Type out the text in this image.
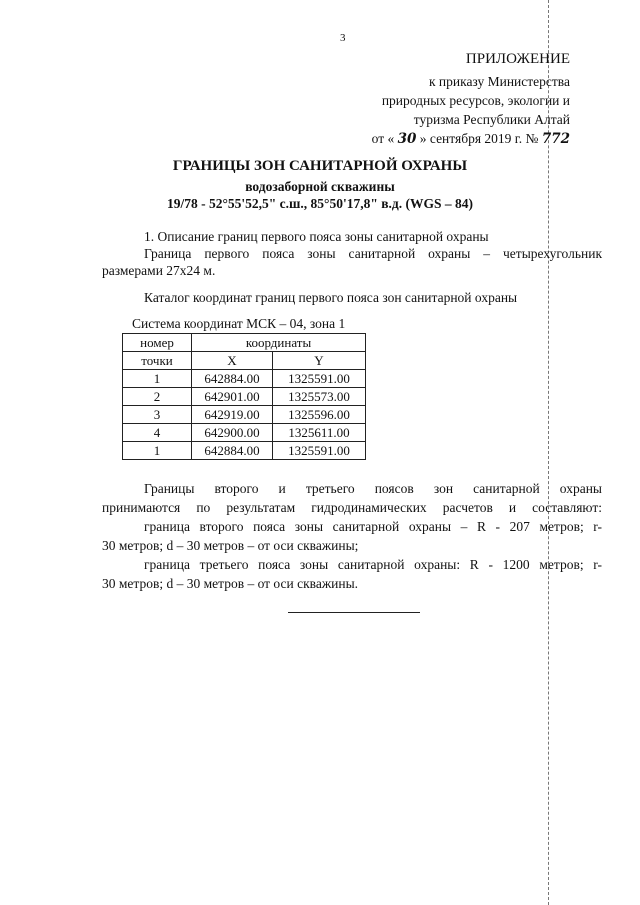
3
ПРИЛОЖЕНИЕ
к приказу Министерства
природных ресурсов, экологии и
туризма Республики Алтай
от « 30 » сентября 2019 г. № 772
ГРАНИЦЫ ЗОН САНИТАРНОЙ ОХРАНЫ
водозаборной скважины
19/78 - 52°55'52,5" с.ш., 85°50'17,8" в.д. (WGS – 84)
1. Описание границ первого пояса зоны санитарной охраны
Граница первого пояса зоны санитарной охраны – четырехугольник
размерами 27x24 м.
Каталог координат границ первого пояса зон санитарной охраны
Система координат МСК – 04, зона 1
номер	координаты	
точки	X	Y
1	642884.00	1325591.00
2	642901.00	1325573.00
3	642919.00	1325596.00
4	642900.00	1325611.00
1	642884.00	1325591.00
Границы второго и третьего поясов зон санитарной охраны
принимаются по результатам гидродинамических расчетов и составляют:
граница второго пояса зоны санитарной охраны – R - 207 метров; r-
30 метров; d – 30 метров – от оси скважины;
граница третьего пояса зоны санитарной охраны: R - 1200 метров; r-
30 метров; d – 30 метров – от оси скважины.
